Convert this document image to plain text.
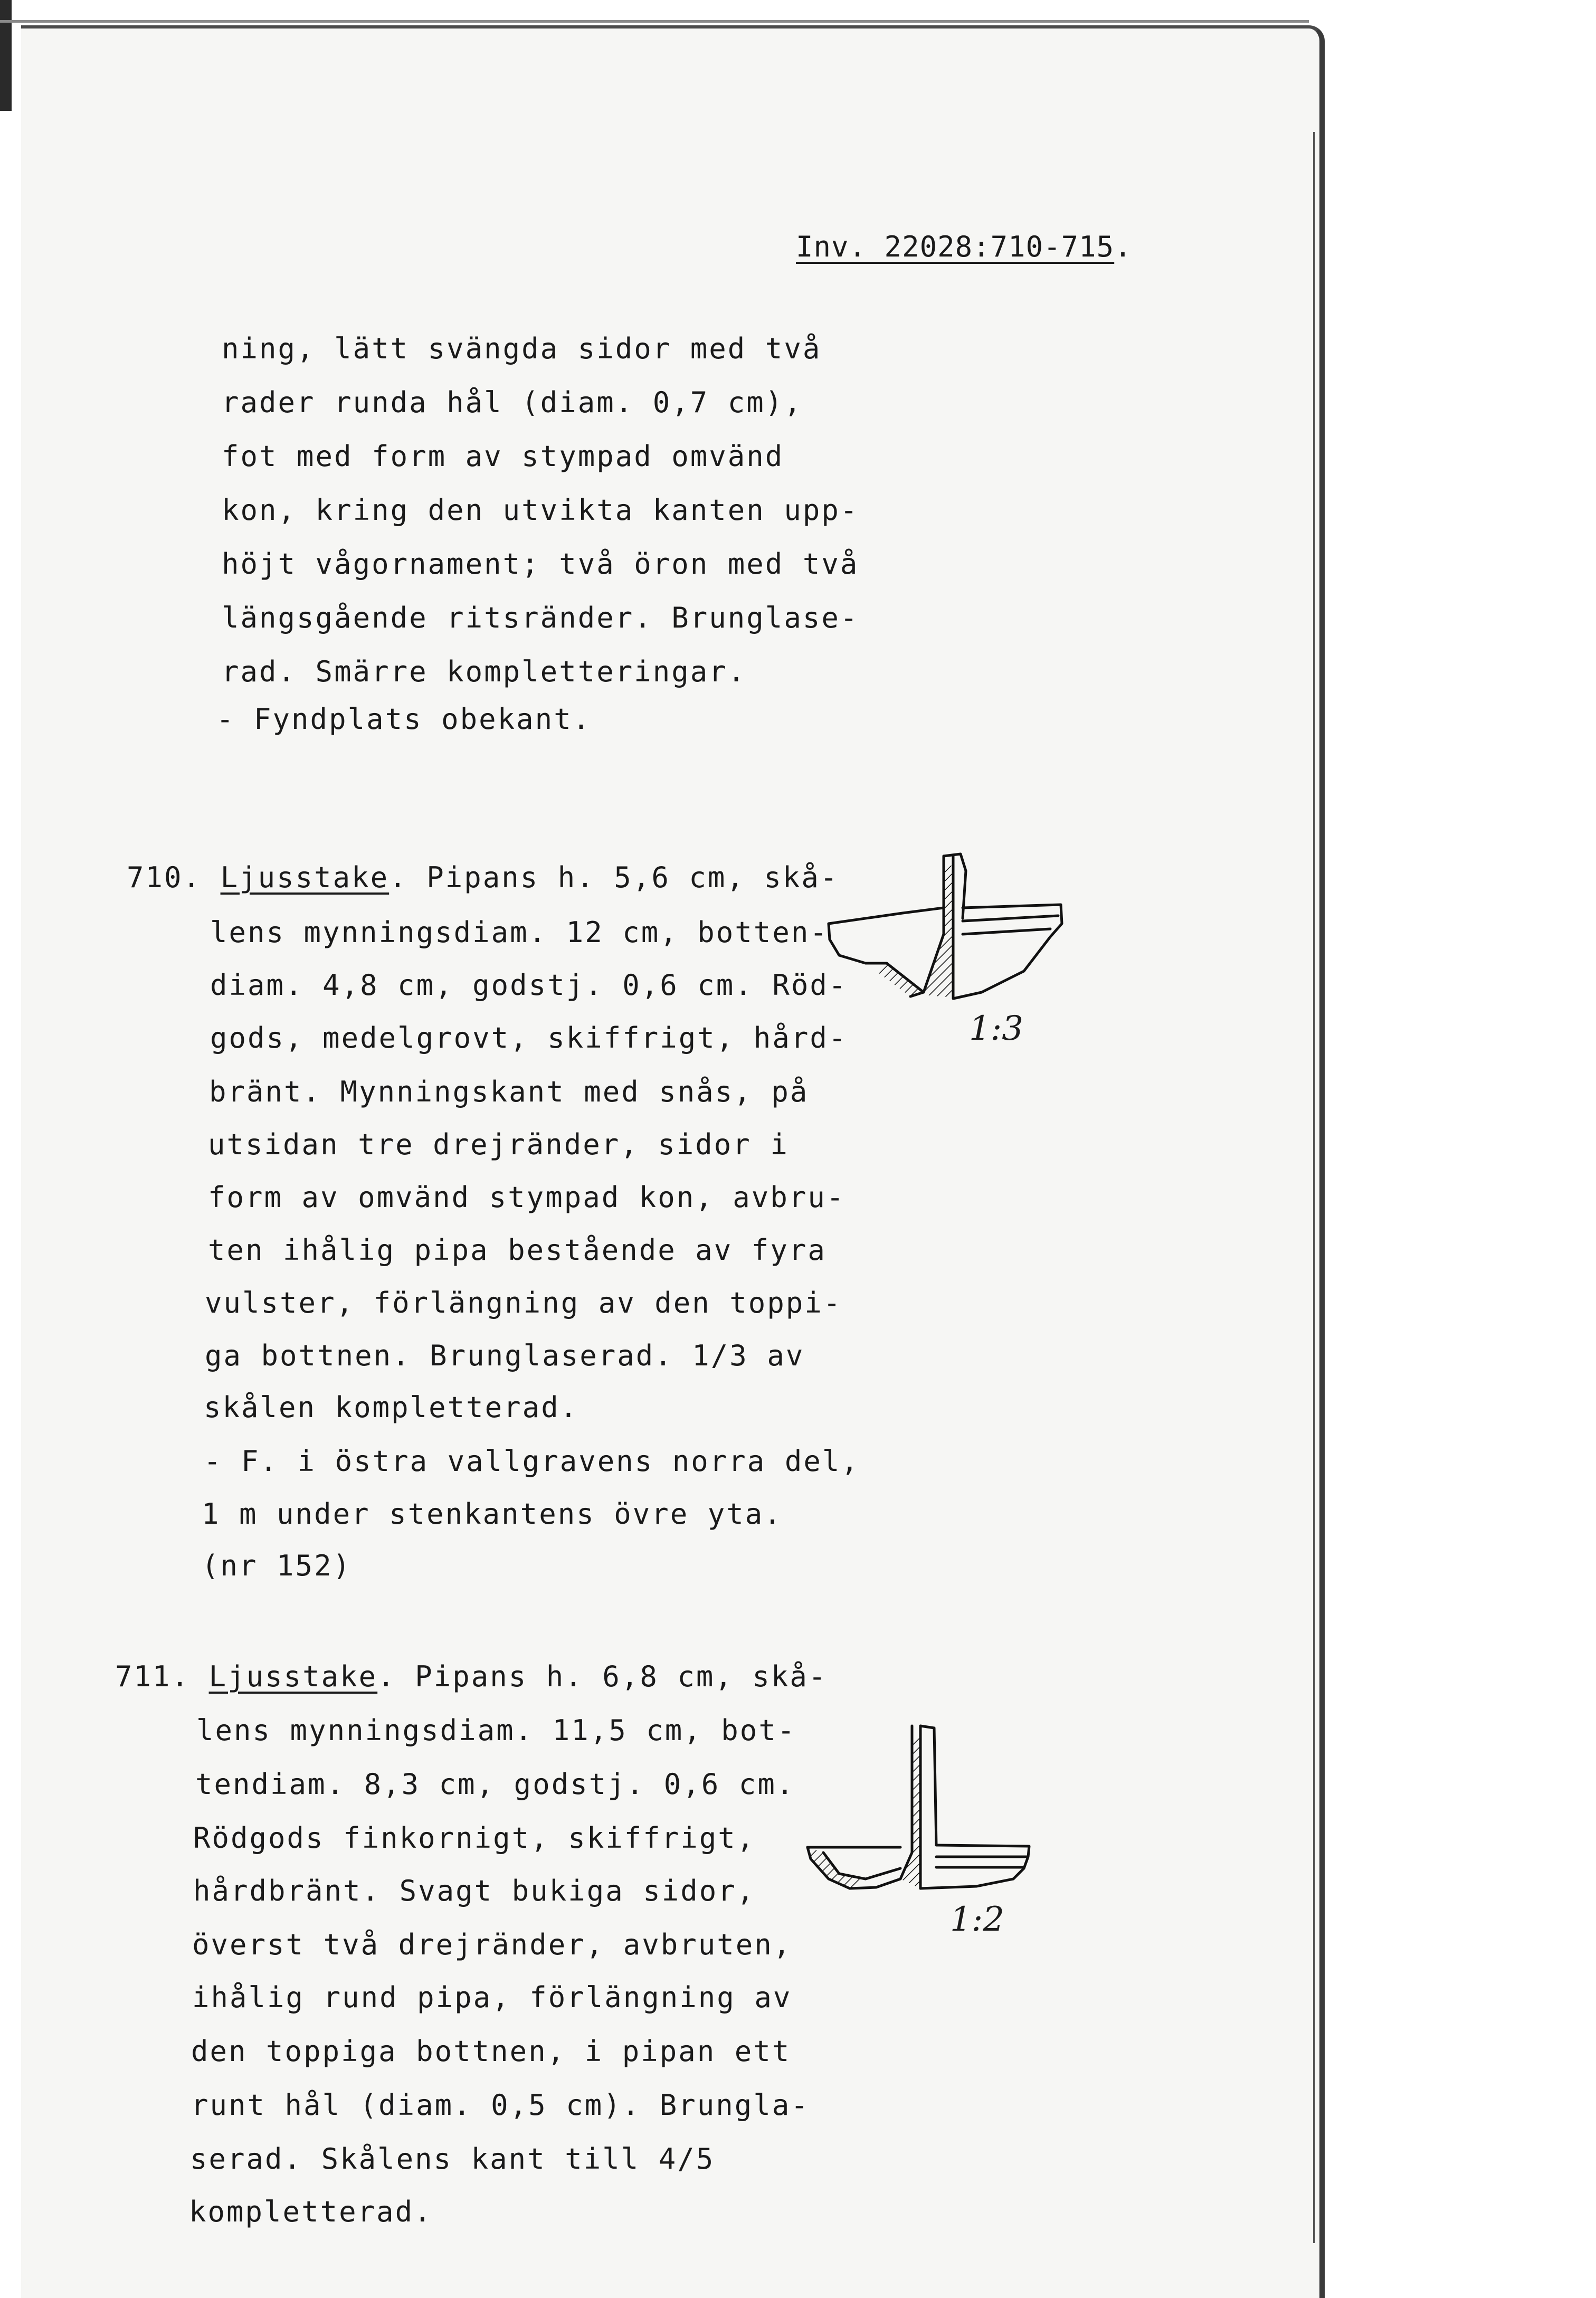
Inv. 22028:710-715.
ning, lätt svängda sidor med två
rader runda hål (diam. 0,7 cm),
fot med form av stympad omvänd
kon, kring den utvikta kanten upp-
höjt vågornament; två öron med två
längsgående ritsränder. Brunglase-
rad. Smärre kompletteringar.
- Fyndplats obekant.
710. Ljusstake. Pipans h. 5,6 cm, skå-
lens mynningsdiam. 12 cm, botten-
diam. 4,8 cm, godstj. 0,6 cm. Röd-
gods, medelgrovt, skiffrigt, hård-
bränt. Mynningskant med snås, på
utsidan tre drejränder, sidor i
form av omvänd stympad kon, avbru-
ten ihålig pipa bestående av fyra
vulster, förlängning av den toppi-
ga bottnen. Brunglaserad. 1/3 av
skålen kompletterad.
- F. i östra vallgravens norra del,
1 m under stenkantens övre yta.
(nr 152)
1:3
711. Ljusstake. Pipans h. 6,8 cm, skå-
lens mynningsdiam. 11,5 cm, bot-
tendiam. 8,3 cm, godstj. 0,6 cm.
Rödgods finkornigt, skiffrigt,
hårdbränt. Svagt bukiga sidor,
överst två drejränder, avbruten,
ihålig rund pipa, förlängning av
den toppiga bottnen, i pipan ett
runt hål (diam. 0,5 cm). Brungla-
serad. Skålens kant till 4/5
kompletterad.
1:2
